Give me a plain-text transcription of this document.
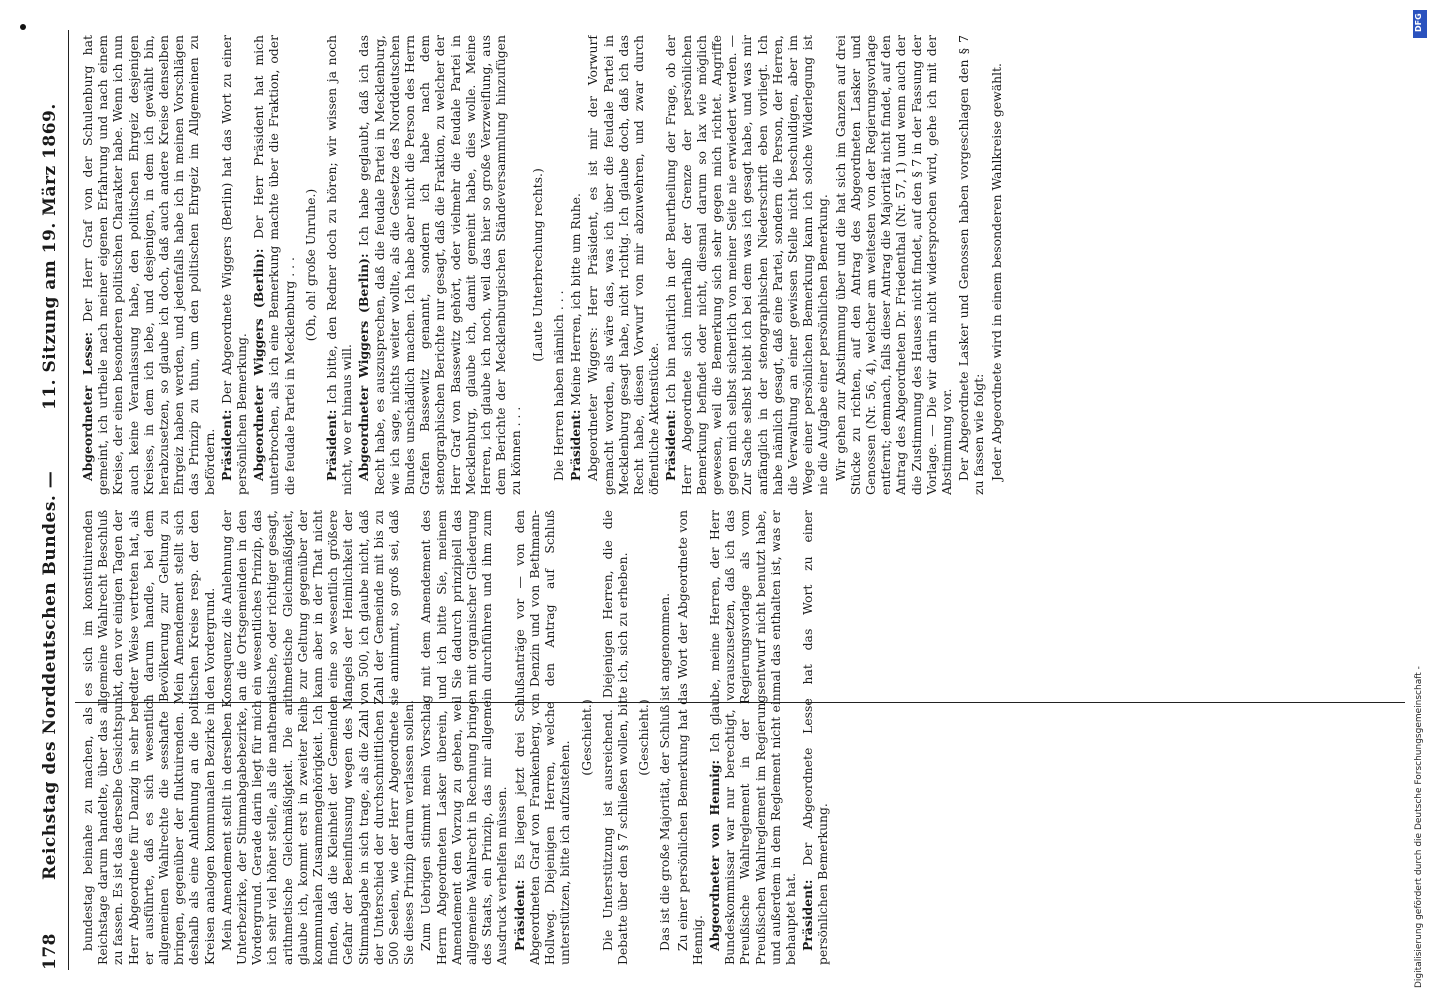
178
Reichstag des Norddeutschen Bundes. —
11. Sitzung am 19. März 1869.

bundestag beinahe zu machen, als es sich im konstituirenden Reichstage darum handelte, über das allgemeine Wahlrecht Beschluß zu fassen. Es ist das derselbe Gesichtspunkt, den vor einigen Tagen der Herr Abgeordnete für Danzig in sehr beredter Weise vertreten hat, als er ausführte, daß es sich wesentlich darum handle, bei dem allgemeinen Wahlrechte die sesshafte Bevölkerung zur Geltung zu bringen, gegenüber der fluktuirenden. Mein Amendement stellt sich deshalb als eine Anlehnung an die politischen Kreise resp. der den Kreisen analogen kommunalen Bezirke in den Vordergrund. Mein Amendement stellt in derselben Konsequenz die Anlehnung der Unterbezirke, der Stimmabgabebezirke, an die Ortsgemeinden in den Vordergrund. Gerade darin liegt für mich ein wesentliches Prinzip, das ich sehr viel höher stelle, als die mathematische, oder richtiger gesagt, arithmetische Gleichmäßigkeit. Die arithmetische Gleichmäßigkeit, glaube ich, kommt erst in zweiter Reihe zur Geltung gegenüber der kommunalen Zusammengehörigkeit. Ich kann aber in der That nicht finden, daß die Kleinheit der Gemeinden eine so wesentlich größere Gefahr der Beeinflussung wegen des Mangels der Heimlichkeit der Stimmabgabe in sich trage, als die Zahl von 500, ich glaube nicht, daß der Unterschied der durchschnittlichen Zahl der Gemeinde mit bis zu 500 Seelen, wie der Herr Abgeordnete sie annimmt, so groß sei, daß Sie dieses Prinzip darum verlassen sollen. Zum Uebrigen stimmt mein Vorschlag mit dem Amendement des Herrn Abgeordneten Lasker überein, und ich bitte Sie, meinem Amendement den Vorzug zu geben, weil Sie dadurch prinzipiell das allgemeine Wahlrecht in Rechnung bringen mit organischer Gliederung des Staats, ein Prinzip, das mir allgemein durchführen und ihm zum Ausdruck verhelfen müssen. Präsident: Es liegen jetzt drei Schlußanträge vor — von den Abgeordneten Graf von Frankenberg, von Denzin und von Bethmann-Hollweg. Diejenigen Herren, welche den Antrag auf Schluß unterstützen, bitte ich aufzustehen.

(Geschieht.) Die Unterstützung ist ausreichend. Diejenigen Herren, die die Debatte über den § 7 schließen wollen, bitte ich, sich zu erheben. (Geschieht.) Das ist die große Majorität, der Schluß ist angenommen. Zu einer persönlichen Bemerkung hat das Wort der Abgeordnete von Hennig. Abgeordneter von Hennig: Ich glaube, meine Herren, der Herr Bundeskommissar war nur berechtigt, vorauszusetzen, daß ich das Preußische Wahlreglement in der Regierungsvorlage als vom Preußischen Wahlreglement im Regierungsentwurf nicht benutzt habe, und außerdem in dem Reglement nicht einmal das enthalten ist, was er behauptet hat. Präsident: Der Abgeordnete Lesse hat das Wort zu einer persönlichen Bemerkung.

Abgeordneter Lesse: Der Herr Graf von der Schulenburg hat gemeint, ich urtheile nach meiner eigenen Erfahrung und nach einem Kreise, der einen besonderen politischen Charakter habe. Wenn ich nun auch keine Veranlassung habe, den politischen Ehrgeiz desjenigen Kreises, in dem ich lebe, und desjenigen, in dem ich gewählt bin, herabzusetzen, so glaube ich doch, daß auch andere Kreise denselben Ehrgeiz haben werden, und jedenfalls habe ich in meinen Vorschlägen das Prinzip zu thun, um den politischen Ehrgeiz im Allgemeinen zu befördern. Präsident: Der Abgeordnete Wiggers (Berlin) hat das Wort zu einer persönlichen Bemerkung. Abgeordneter Wiggers (Berlin): Der Herr Präsident hat mich unterbrochen, als ich eine Bemerkung machte über die Fraktion, oder die feudale Partei in Mecklenburg . . . (Oh, oh! große Unruhe.)

Präsident: Ich bitte, den Redner doch zu hören; wir wissen ja noch nicht, wo er hinaus will. Abgeordneter Wiggers (Berlin): Ich habe geglaubt, daß ich das Recht habe, es auszusprechen, daß die feudale Partei in Mecklenburg, wie ich sage, nichts weiter wollte, als die Gesetze des Norddeutschen Bundes unschädlich machen. Ich habe aber nicht die Person des Herrn Grafen Bassewitz genannt, sondern ich habe nach dem stenographischen Berichte nur gesagt, daß die Fraktion, zu welcher der Herr Graf von Bassewitz gehört, oder vielmehr die feudale Partei in Mecklenburg, glaube ich, damit gemeint habe, dies wolle. Meine Herren, ich glaube ich noch, weil das hier so große Verzweiflung, aus dem Berichte der Mecklenburgischen Ständeversammlung hinzufügen zu können . . .

(Laute Unterbrechung rechts.)

Die Herren haben nämlich . . . Präsident: Meine Herren, ich bitte um Ruhe. Abgeordneter Wiggers: Herr Präsident, es ist mir der Vorwurf gemacht worden, als wäre das, was ich über die feudale Partei in Mecklenburg gesagt habe, nicht richtig. Ich glaube doch, daß ich das Recht habe, diesen Vorwurf von mir abzuwehren, und zwar durch öffentliche Aktenstücke. Präsident: Ich bin natürlich in der Beurtheilung der Frage, ob der Herr Abgeordnete sich innerhalb der Grenze der persönlichen Bemerkung befindet oder nicht, diesmal darum so lax wie möglich gewesen, weil die Bemerkung sich sehr gegen mich richtet. Angriffe gegen mich selbst sicherlich von meiner Seite nie erwiedert werden. — Zur Sache selbst bleibt ich bei dem was ich gesagt habe, und was mir anfänglich in der stenographischen Niederschrift eben vorliegt. Ich habe nämlich gesagt, daß eine Partei, sondern die Person, der Herren, die Verwaltung an einer gewissen Stelle nicht beschuldigen, aber im Wege einer persönlichen Bemerkung kann ich solche Widerlegung ist nie die Aufgabe einer persönlichen Bemerkung. Wir gehen zur Abstimmung über und die hat sich im Ganzen auf drei Stücke zu richten, auf den Antrag des Abgeordneten Lasker und Genossen (Nr. 56, 4), welcher am weitesten von der Regierungsvorlage entfernt; demnach, falls dieser Antrag die Majorität nicht findet, auf den Antrag des Abgeordneten Dr. Friedenthal (Nr. 57, 1) und wenn auch der die Zustimmung des Hauses nicht findet, auf den § 7 in der Fassung der Vorlage. — Die wir darin nicht widersprochen wird, gehe ich mit der Abstimmung vor. Der Abgeordnete Lasker und Genossen haben vorgeschlagen den § 7 zu fassen wie folgt: Jeder Abgeordnete wird in einem besonderen Wahlkreise gewählt.

Digitalisierung gefördert durch die Deutsche Forschungsgemeinschaft -
DFG
